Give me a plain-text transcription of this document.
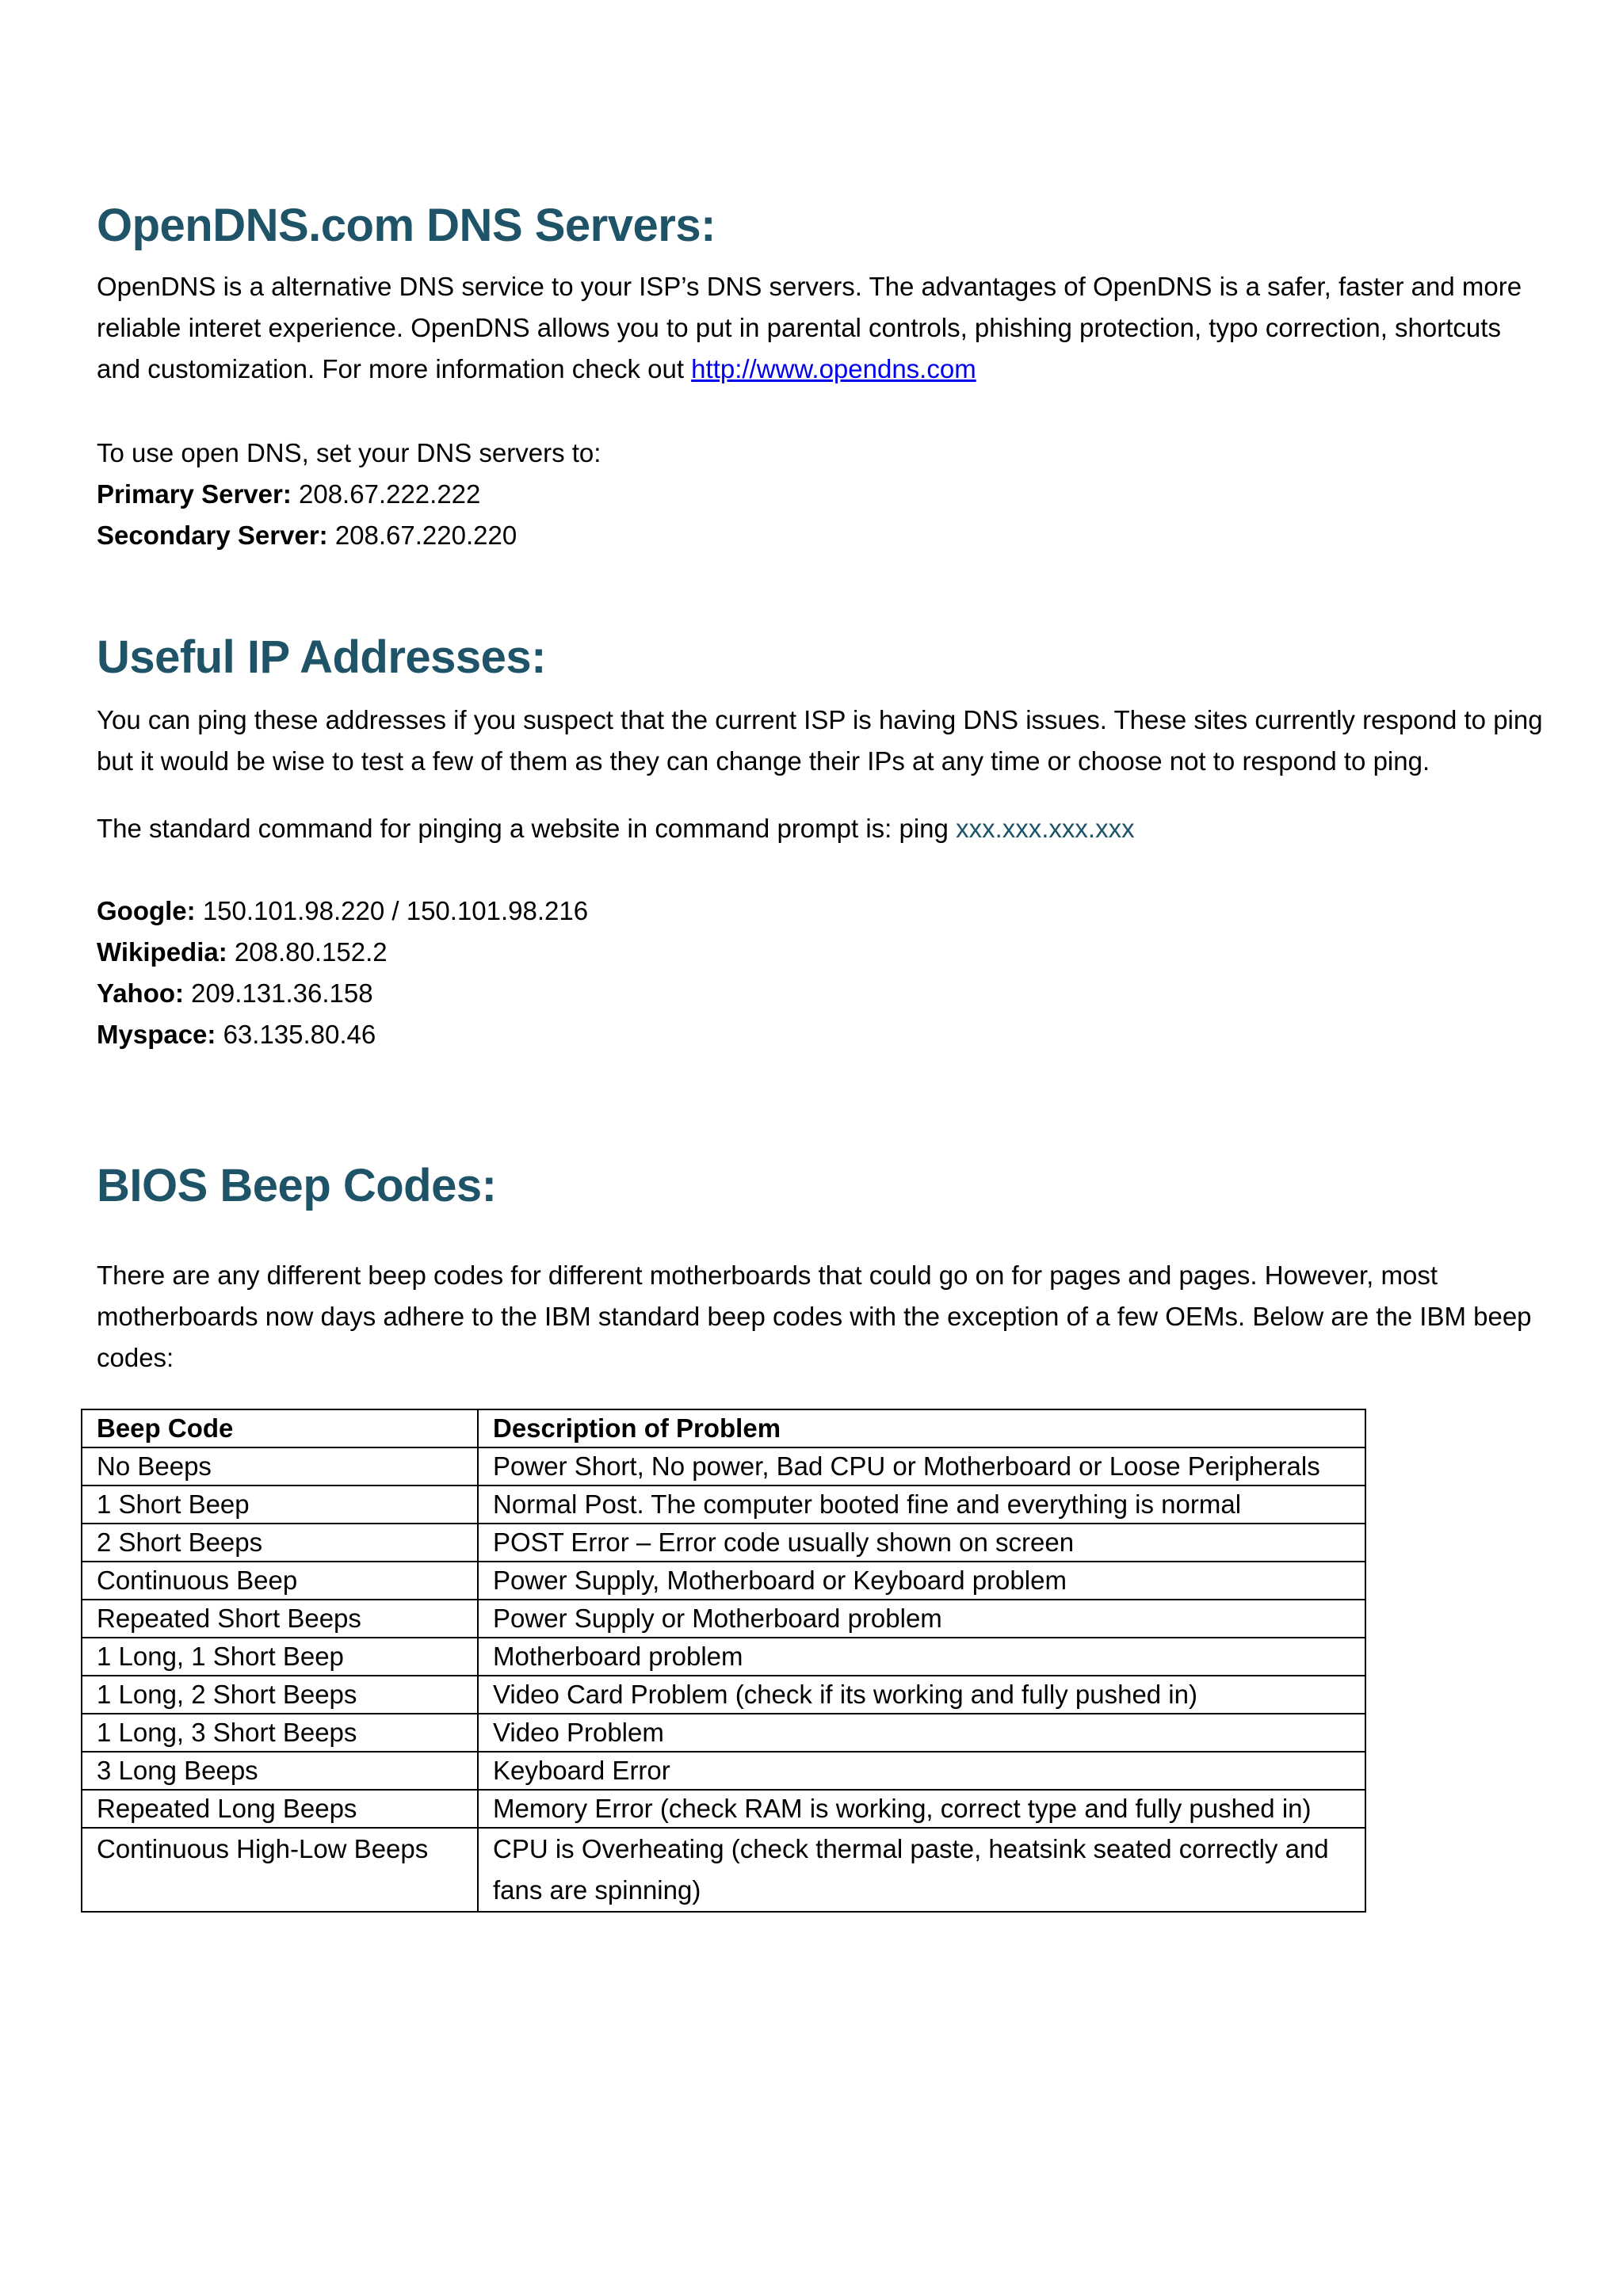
OpenDNS.com DNS Servers:

OpenDNS is a alternative DNS service to your ISP’s DNS servers. The advantages of OpenDNS is a safer, faster and more reliable interet experience. OpenDNS allows you to put in parental controls, phishing protection, typo correction, shortcuts and customization. For more information check out http://www.opendns.com

To use open DNS, set your DNS servers to:

Primary Server: 208.67.222.222

Secondary Server: 208.67.220.220

Useful IP Addresses:

You can ping these addresses if you suspect that the current ISP is having DNS issues. These sites currently respond to ping but it would be wise to test a few of them as they can change their IPs at any time or choose not to respond to ping.

The standard command for pinging a website in command prompt is: ping xxx.xxx.xxx.xxx

Google: 150.101.98.220 / 150.101.98.216

Wikipedia: 208.80.152.2

Yahoo: 209.131.36.158

Myspace: 63.135.80.46

BIOS Beep Codes:

There are any different beep codes for different motherboards that could go on for pages and pages. However, most motherboards now days adhere to the IBM standard beep codes with the exception of a few OEMs. Below are the IBM beep codes:

Beep Code	Description of Problem
No Beeps	Power Short, No power, Bad CPU or Motherboard or Loose Peripherals
1 Short Beep	Normal Post. The computer booted fine and everything is normal
2 Short Beeps	POST Error – Error code usually shown on screen
Continuous Beep	Power Supply, Motherboard or Keyboard problem
Repeated Short Beeps	Power Supply or Motherboard problem
1 Long, 1 Short Beep	Motherboard problem
1 Long, 2 Short Beeps	Video Card Problem (check if its working and fully pushed in)
1 Long, 3 Short Beeps	Video Problem
3 Long Beeps	Keyboard Error
Repeated Long Beeps	Memory Error (check RAM is working, correct type and fully pushed in)
Continuous High-Low Beeps	CPU is Overheating (check thermal paste, heatsink seated correctly and fans are spinning)
